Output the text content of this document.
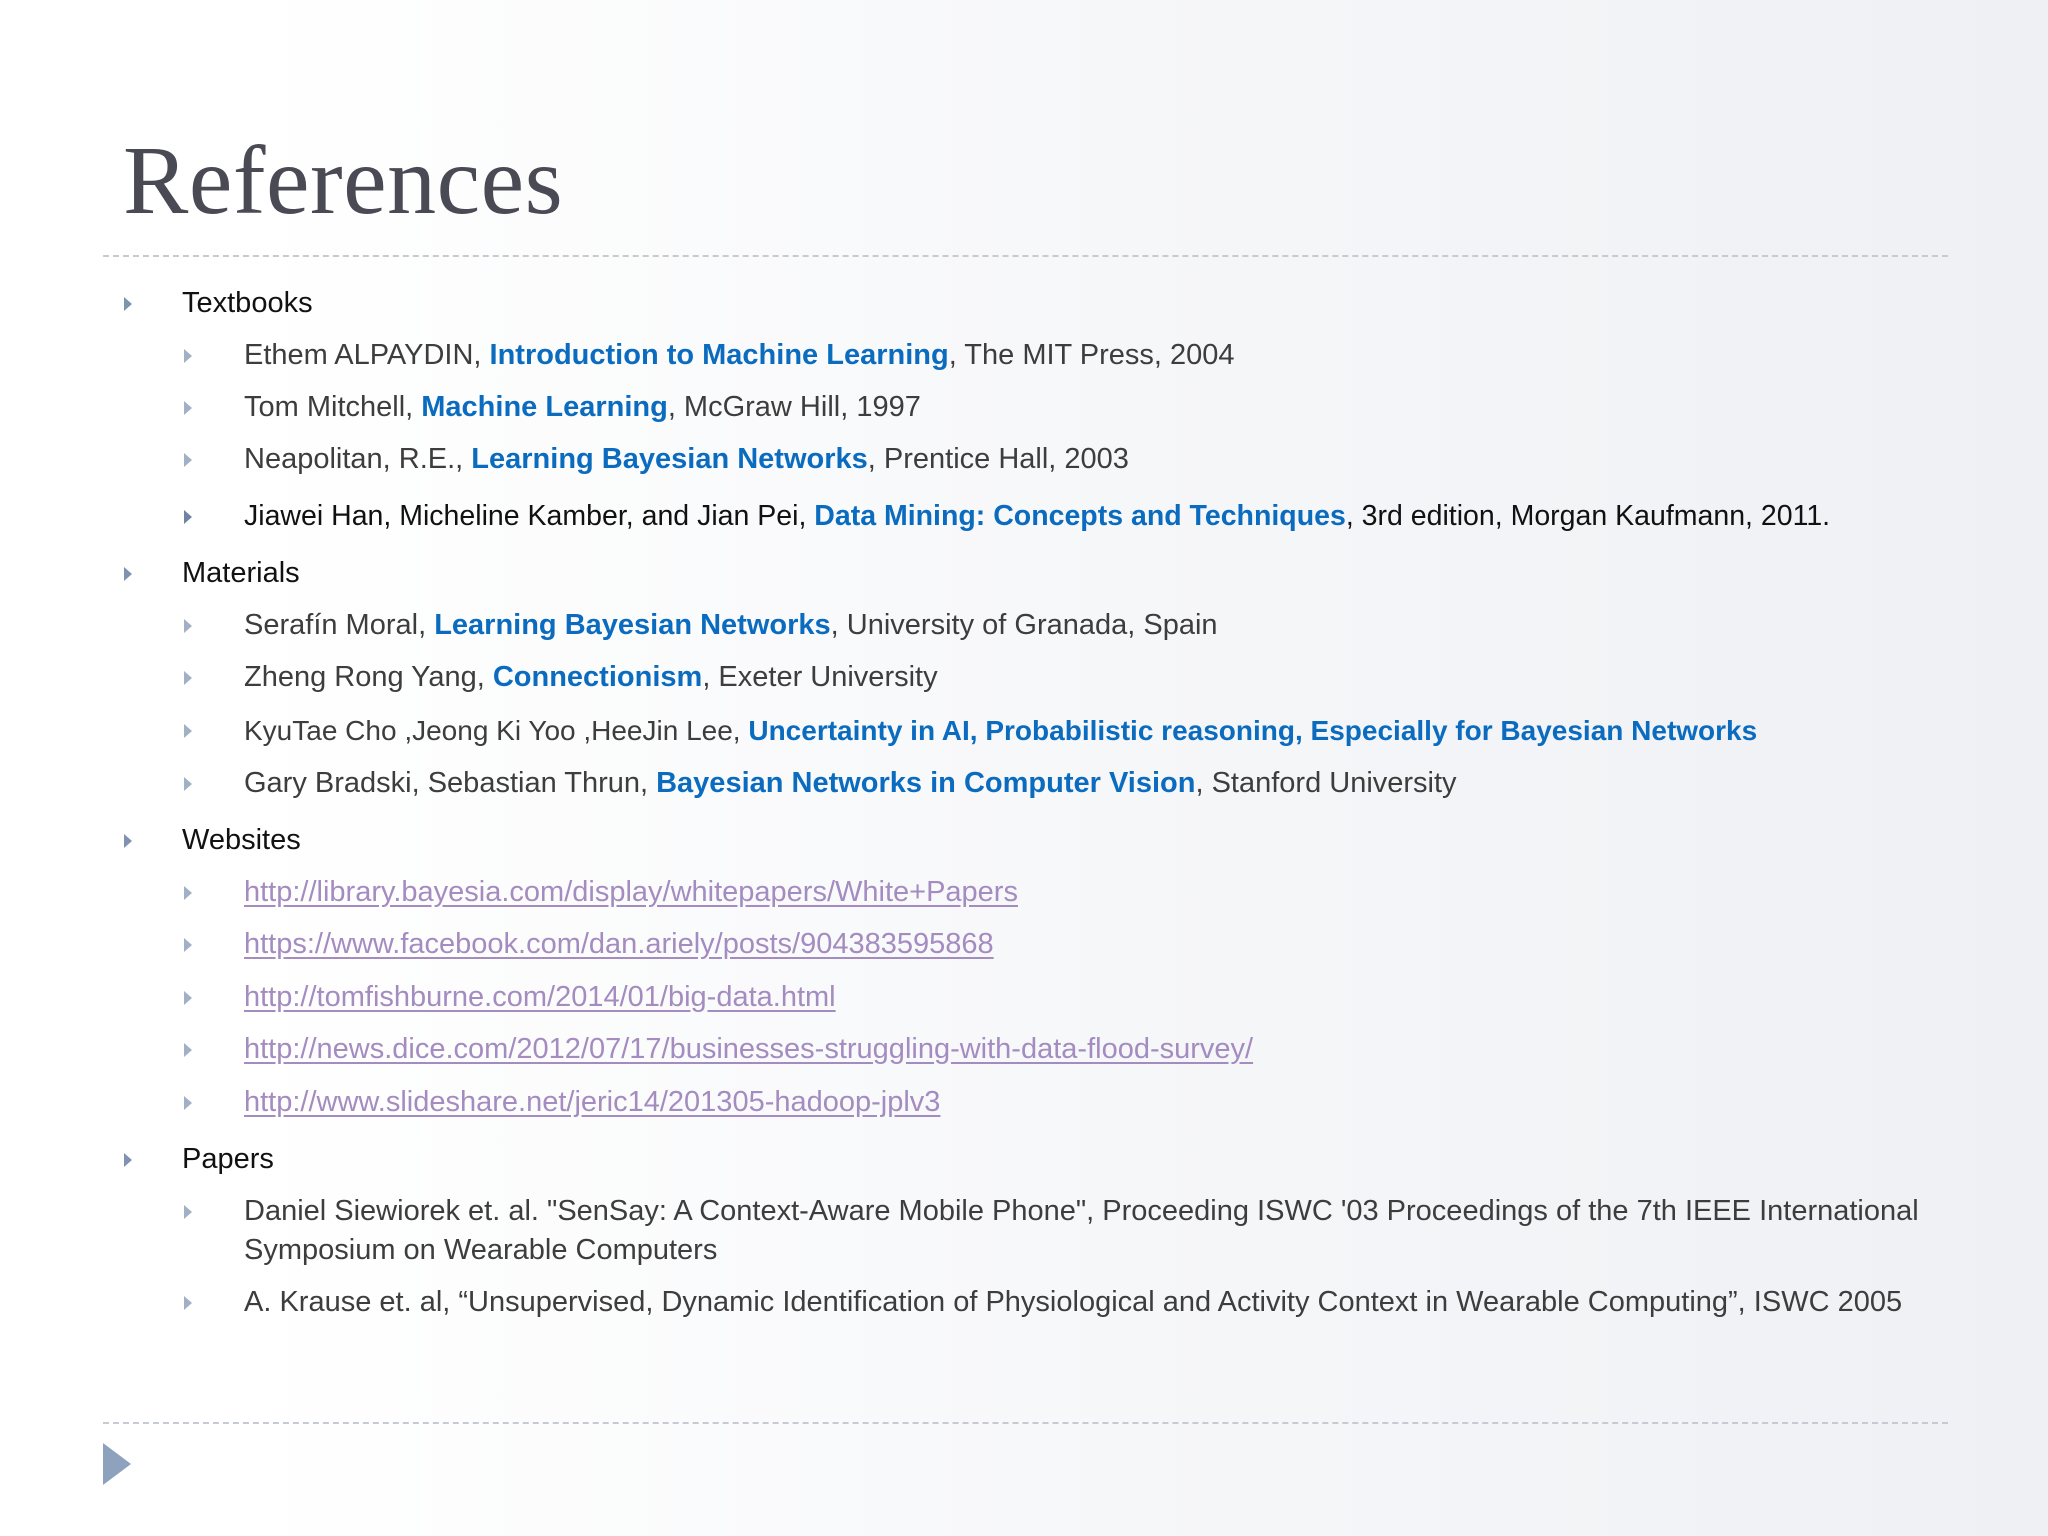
References
Textbooks
Ethem ALPAYDIN, Introduction to Machine Learning, The MIT Press, 2004
Tom Mitchell, Machine Learning, McGraw Hill, 1997
Neapolitan, R.E., Learning Bayesian Networks, Prentice Hall, 2003
Jiawei Han, Micheline Kamber, and Jian Pei, Data Mining: Concepts and Techniques, 3rd edition, Morgan Kaufmann, 2011.
Materials
Serafín Moral, Learning Bayesian Networks, University of Granada, Spain
Zheng Rong Yang, Connectionism, Exeter University
KyuTae Cho ,Jeong Ki Yoo ,HeeJin Lee, Uncertainty in AI, Probabilistic reasoning, Especially for Bayesian Networks
Gary Bradski, Sebastian Thrun, Bayesian Networks in Computer Vision, Stanford University
Websites
http://library.bayesia.com/display/whitepapers/White+Papers
https://www.facebook.com/dan.ariely/posts/904383595868
http://tomfishburne.com/2014/01/big-data.html
http://news.dice.com/2012/07/17/businesses-struggling-with-data-flood-survey/
http://www.slideshare.net/jeric14/201305-hadoop-jplv3
Papers
Daniel Siewiorek et. al. "SenSay: A Context-Aware Mobile Phone", Proceeding ISWC '03 Proceedings of the 7th IEEE International Symposium on Wearable Computers
A. Krause et. al, “Unsupervised, Dynamic Identification of Physiological and Activity Context in Wearable Computing”, ISWC 2005
